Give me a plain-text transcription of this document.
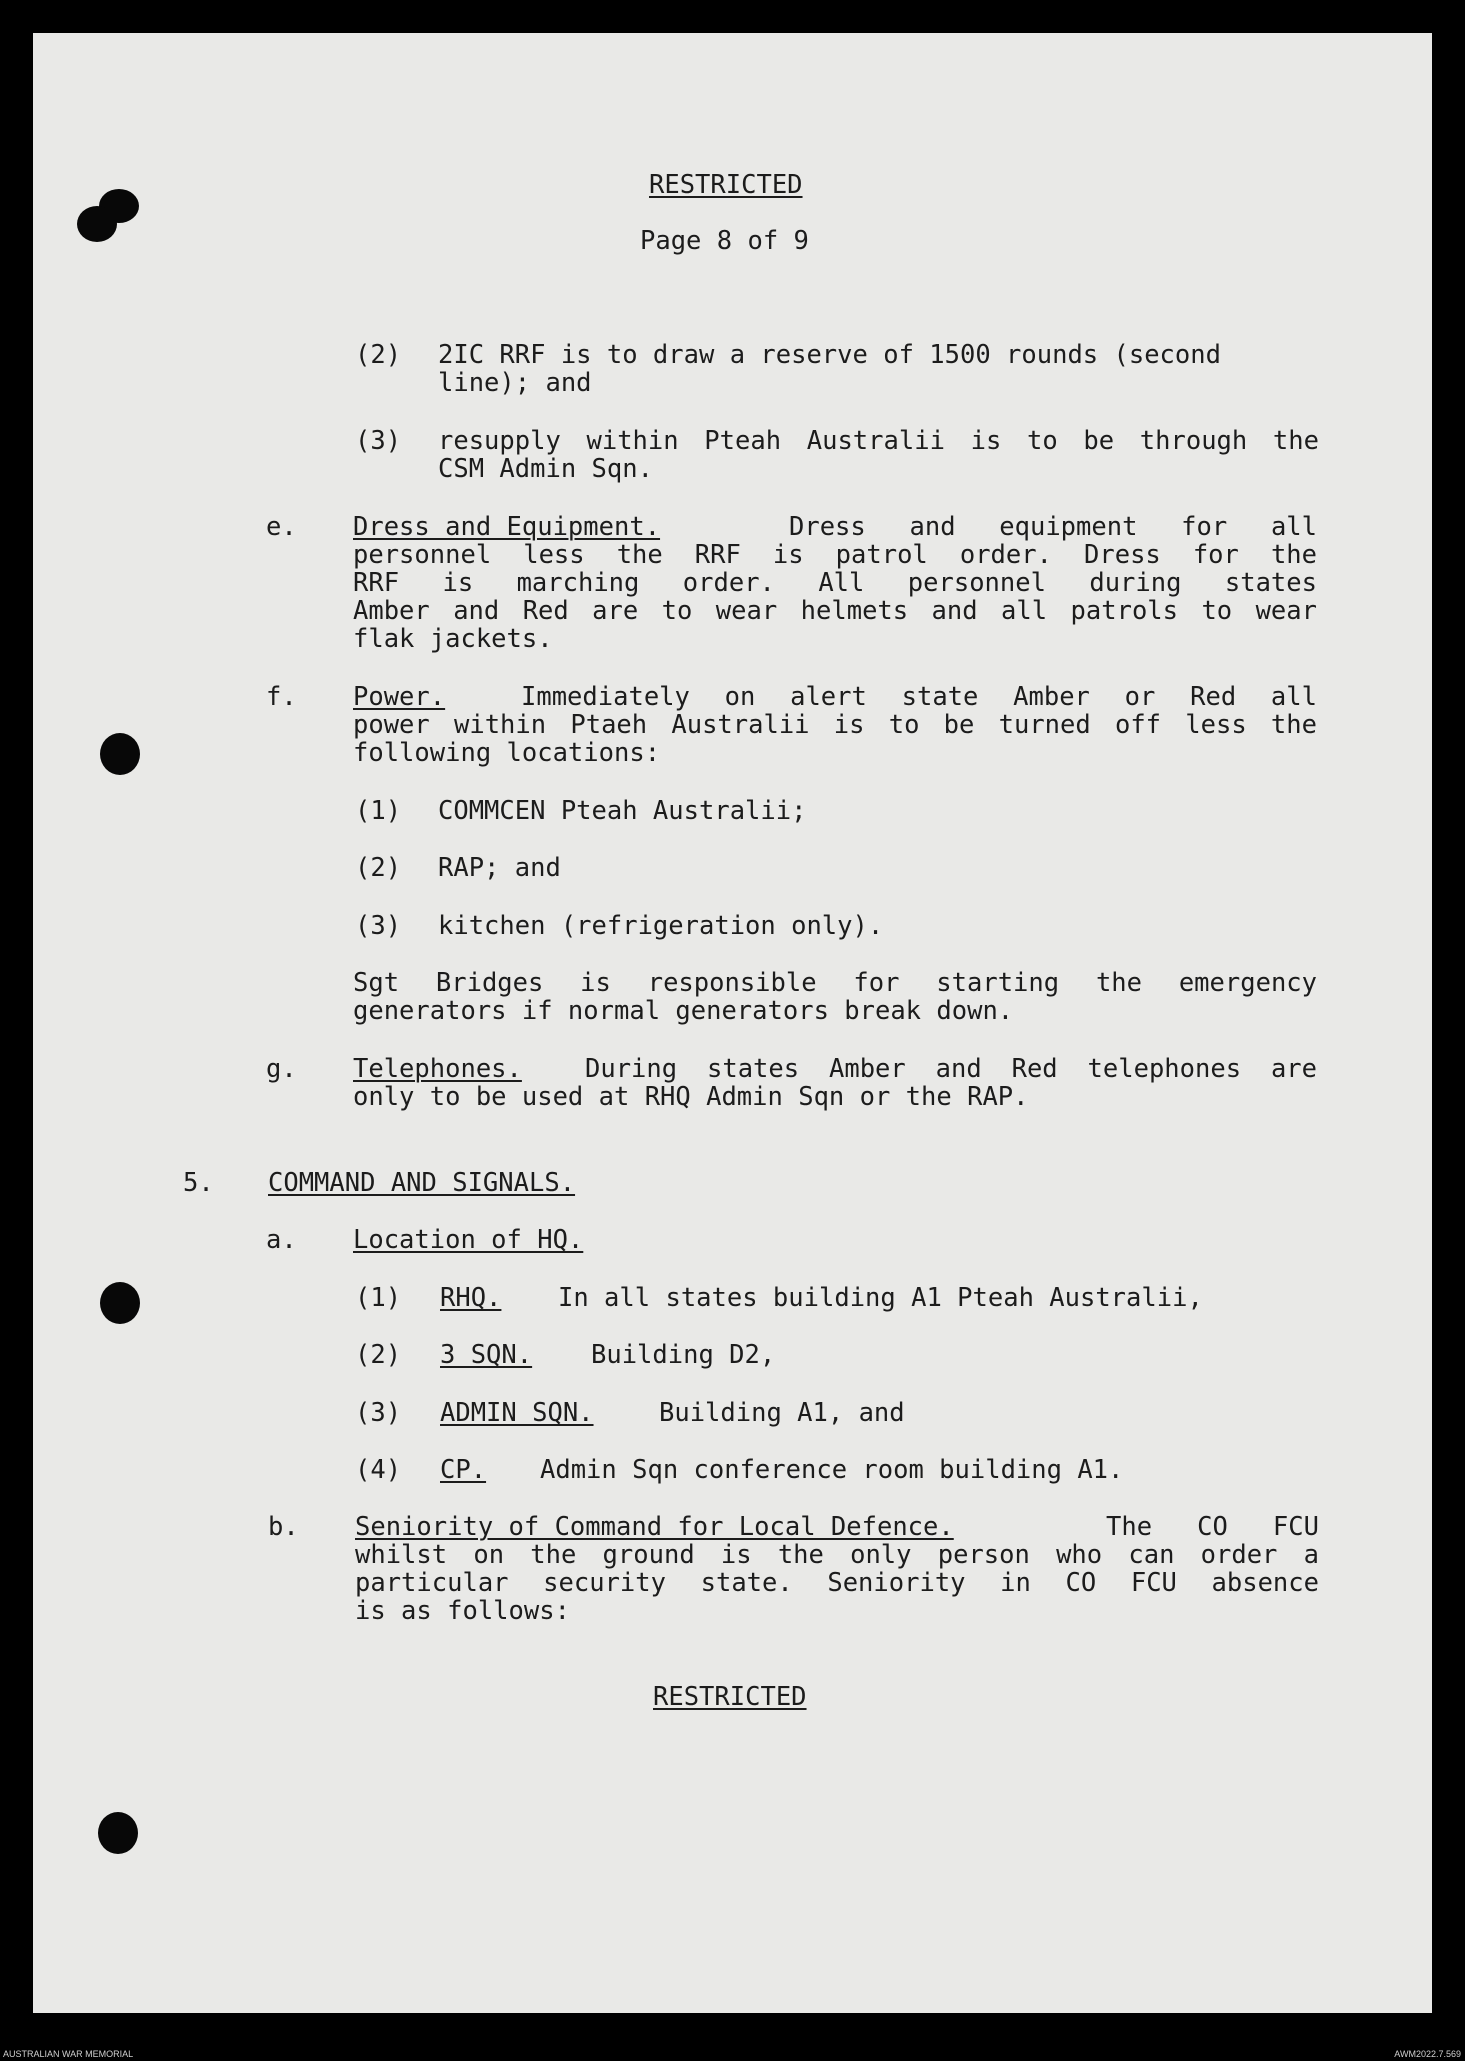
RESTRICTED
Page 8 of 9
(2) 2IC RRF is to draw a reserve of 1500 rounds (second
line); and
(3) resupply within Pteah Australii is to be through the
CSM Admin Sqn.
e. Dress and Equipment.	Dress and equipment for all
personnel less the RRF is patrol order. Dress for the
RRF is marching order. All personnel during states
Amber and Red are to wear helmets and all patrols to wear
flak jackets.
f. Power.	Immediately on alert state Amber or Red all
power within Ptaeh Australii is to be turned off less the
following locations:
(1) COMMCEN Pteah Australii;
(2) RAP; and
(3) kitchen (refrigeration only).
Sgt Bridges is responsible for starting the emergency
generators if normal generators break down.
g. Telephones. During states Amber and Red telephones are
only to be used at RHQ Admin Sqn or the RAP.
5. COMMAND AND SIGNALS.
a. Location of HQ.
(1) RHQ. In all states building A1 Pteah Australii,
(2) 3 SQN. Building D2,
(3) ADMIN SQN.	Building A1, and
(4) CP. Admin Sqn conference room building A1.
b. Seniority of Command for Local Defence.	The CO FCU
whilst on the ground is the only person who can order a
particular security state. Seniority in CO FCU absence
is as follows:
RESTRICTED
AUSTRALIAN WAR MEMORIAL	AWM2022.7.569
